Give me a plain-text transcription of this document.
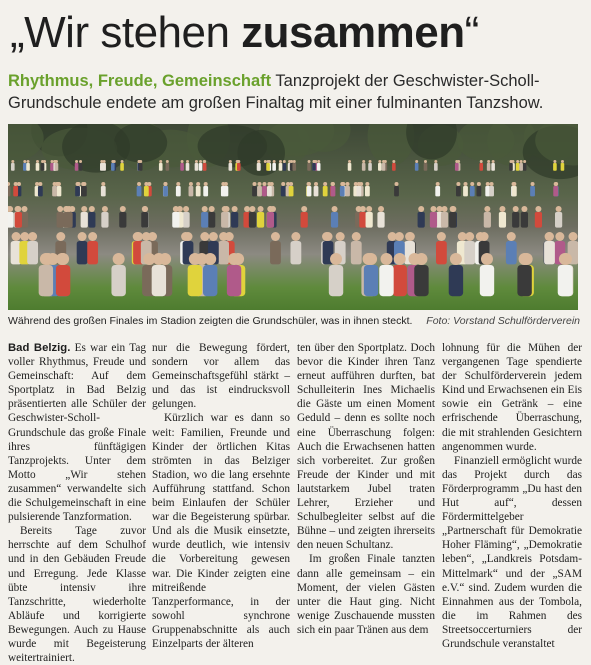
„Wir stehen zusammen“
Rhythmus, Freude, Gemeinschaft Tanzprojekt der Geschwister-Scholl-Grundschule endete am großen Finaltag mit einer fulminanten Tanzshow.
Während des großen Finales im Stadion zeigten die Grundschüler, was in ihnen steckt. Foto: Vorstand Schulförderverein

Bad Belzig. Es war ein Tag voller Rhythmus, Freude und Gemeinschaft: Auf dem Sportplatz in Bad Belzig präsentierten alle Schüler der Geschwister-Scholl-Grundschule das große Finale ihres fünftägigen Tanzprojekts. Unter dem Motto „Wir stehen zusammen“ verwandelte sich die Schulgemeinschaft in eine pulsierende Tanzformation.

Bereits Tage zuvor herrschte auf dem Schulhof und in den Gebäuden Freude und Erregung. Jede Klasse übte intensiv ihre Tanzschritte, wiederholte Abläufe und korrigierte Bewegungen. Auch zu Hause wurde mit Begeisterung weitertrainiert.

nur die Bewegung fördert, sondern vor allem das Gemeinschaftsgefühl stärkt – und das ist eindrucksvoll gelungen.

Kürzlich war es dann so weit: Familien, Freunde und Kinder der örtlichen Kitas strömten in das Belziger Stadion, wo die lang ersehnte Aufführung stattfand. Schon beim Einlaufen der Schüler war die Begeisterung spürbar. Und als die Musik einsetzte, wurde deutlich, wie intensiv die Vorbereitung gewesen war. Die Kinder zeigten eine mitreißende Tanzperformance, in der sowohl synchrone Gruppenabschnitte als auch Einzelparts der älteren

ten über den Sportplatz. Doch bevor die Kinder ihren Tanz erneut aufführen durften, bat Schulleiterin Ines Michaelis die Gäste um einen Moment Geduld – denn es sollte noch eine Überraschung folgen: Auch die Erwachsenen hatten sich vorbereitet. Zur großen Freude der Kinder und mit lautstarkem Jubel traten Lehrer, Erzieher und Schulbegleiter selbst auf die Bühne – und zeigten ihrerseits den neuen Schultanz.

Im großen Finale tanzten dann alle gemeinsam – ein Moment, der vielen Gästen unter die Haut ging. Nicht wenige Zuschauende mussten sich ein paar Tränen aus dem

lohnung für die Mühen der vergangenen Tage spendierte der Schulförderverein jedem Kind und Erwachsenen ein Eis sowie ein Getränk – eine erfrischende Überraschung, die mit strahlenden Gesichtern angenommen wurde.

Finanziell ermöglicht wurde das Projekt durch das Förderprogramm „Du hast den Hut auf“, dessen Fördermittelgeber „Partnerschaft für Demokratie Hoher Fläming“, „Demokratie leben“, „Landkreis Potsdam-Mittelmark“ und der „SAM e.V.“ sind. Zudem wurden die Einnahmen aus der Tombola, die im Rahmen des Streetsoccerturniers der Grundschule veranstaltet
